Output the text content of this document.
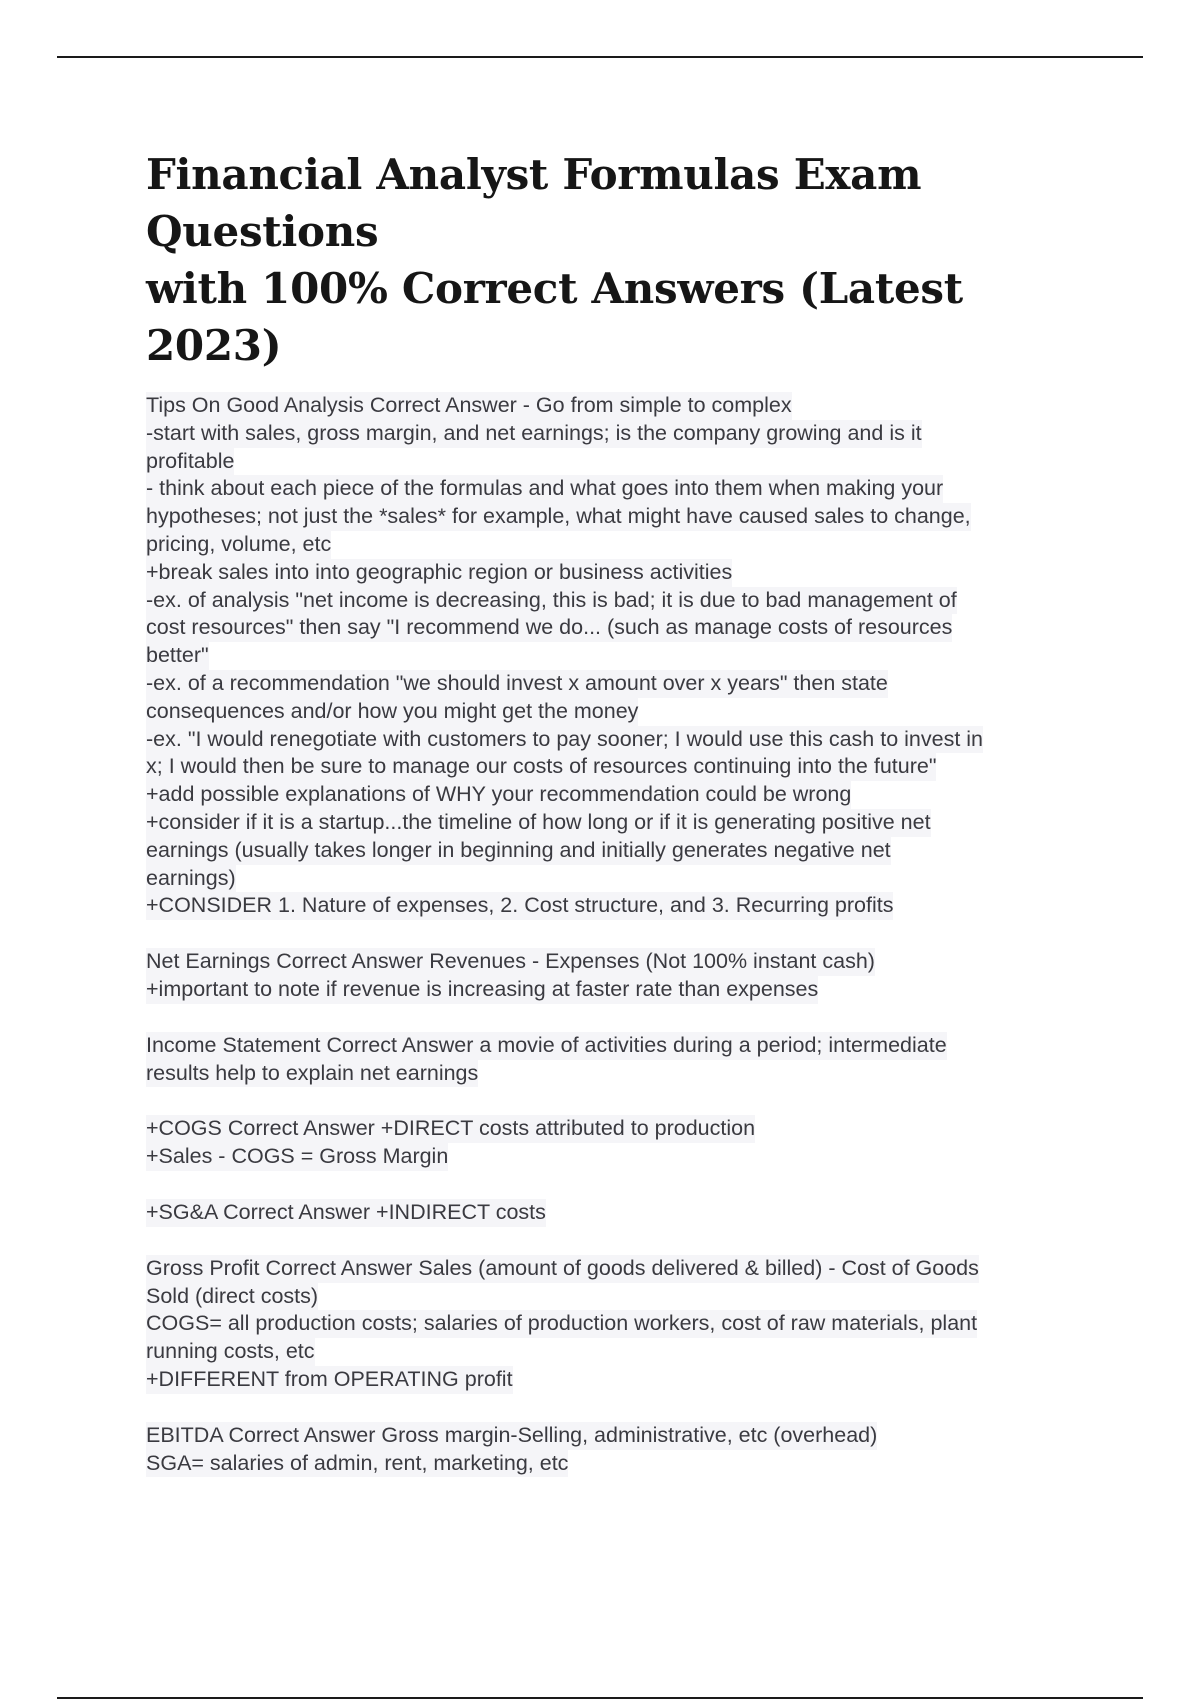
Financial Analyst Formulas Exam Questions
with 100% Correct Answers (Latest 2023)
Tips On Good Analysis Correct Answer - Go from simple to complex
-start with sales, gross margin, and net earnings; is the company growing and is it
profitable
- think about each piece of the formulas and what goes into them when making your
hypotheses; not just the *sales* for example, what might have caused sales to change,
pricing, volume, etc
+break sales into into geographic region or business activities
-ex. of analysis "net income is decreasing, this is bad; it is due to bad management of
cost resources" then say "I recommend we do... (such as manage costs of resources
better"
-ex. of a recommendation "we should invest x amount over x years" then state
consequences and/or how you might get the money
-ex. "I would renegotiate with customers to pay sooner; I would use this cash to invest in
x; I would then be sure to manage our costs of resources continuing into the future"
+add possible explanations of WHY your recommendation could be wrong
+consider if it is a startup...the timeline of how long or if it is generating positive net
earnings (usually takes longer in beginning and initially generates negative net
earnings)
+CONSIDER 1. Nature of expenses, 2. Cost structure, and 3. Recurring profits
Net Earnings Correct Answer Revenues - Expenses (Not 100% instant cash)
+important to note if revenue is increasing at faster rate than expenses
Income Statement Correct Answer a movie of activities during a period; intermediate
results help to explain net earnings
+COGS Correct Answer +DIRECT costs attributed to production
+Sales - COGS = Gross Margin
+SG&A Correct Answer +INDIRECT costs
Gross Profit Correct Answer Sales (amount of goods delivered & billed) - Cost of Goods
Sold (direct costs)
COGS= all production costs; salaries of production workers, cost of raw materials, plant
running costs, etc
+DIFFERENT from OPERATING profit
EBITDA Correct Answer Gross margin-Selling, administrative, etc (overhead)
SGA= salaries of admin, rent, marketing, etc
